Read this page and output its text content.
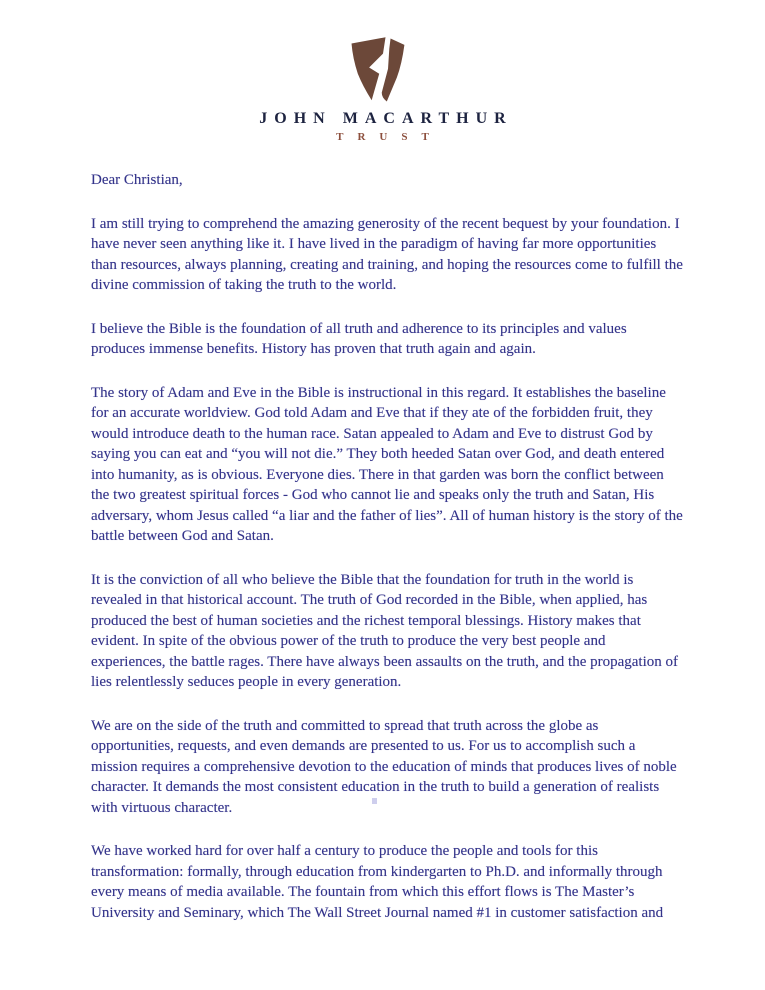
JOHN MACARTHUR
TRUST

Dear Christian,

I am still trying to comprehend the amazing generosity of the recent bequest by your foundation. I have never seen anything like it. I have lived in the paradigm of having far more opportunities than resources, always planning, creating and training, and hoping the resources come to fulfill the divine commission of taking the truth to the world.

I believe the Bible is the foundation of all truth and adherence to its principles and values produces immense benefits. History has proven that truth again and again.

The story of Adam and Eve in the Bible is instructional in this regard. It establishes the baseline for an accurate worldview. God told Adam and Eve that if they ate of the forbidden fruit, they would introduce death to the human race. Satan appealed to Adam and Eve to distrust God by saying you can eat and “you will not die.” They both heeded Satan over God, and death entered into humanity, as is obvious. Everyone dies. There in that garden was born the conflict between the two greatest spiritual forces - God who cannot lie and speaks only the truth and Satan, His adversary, whom Jesus called “a liar and the father of lies”. All of human history is the story of the battle between God and Satan.

It is the conviction of all who believe the Bible that the foundation for truth in the world is revealed in that historical account. The truth of God recorded in the Bible, when applied, has produced the best of human societies and the richest temporal blessings. History makes that evident. In spite of the obvious power of the truth to produce the very best people and experiences, the battle rages. There have always been assaults on the truth, and the propagation of lies relentlessly seduces people in every generation.

We are on the side of the truth and committed to spread that truth across the globe as opportunities, requests, and even demands are presented to us. For us to accomplish such a mission requires a comprehensive devotion to the education of minds that produces lives of noble character. It demands the most consistent education in the truth to build a generation of realists with virtuous character.

We have worked hard for over half a century to produce the people and tools for this transformation: formally, through education from kindergarten to Ph.D. and informally through every means of media available. The fountain from which this effort flows is The Master’s University and Seminary, which The Wall Street Journal named #1 in customer satisfaction and
